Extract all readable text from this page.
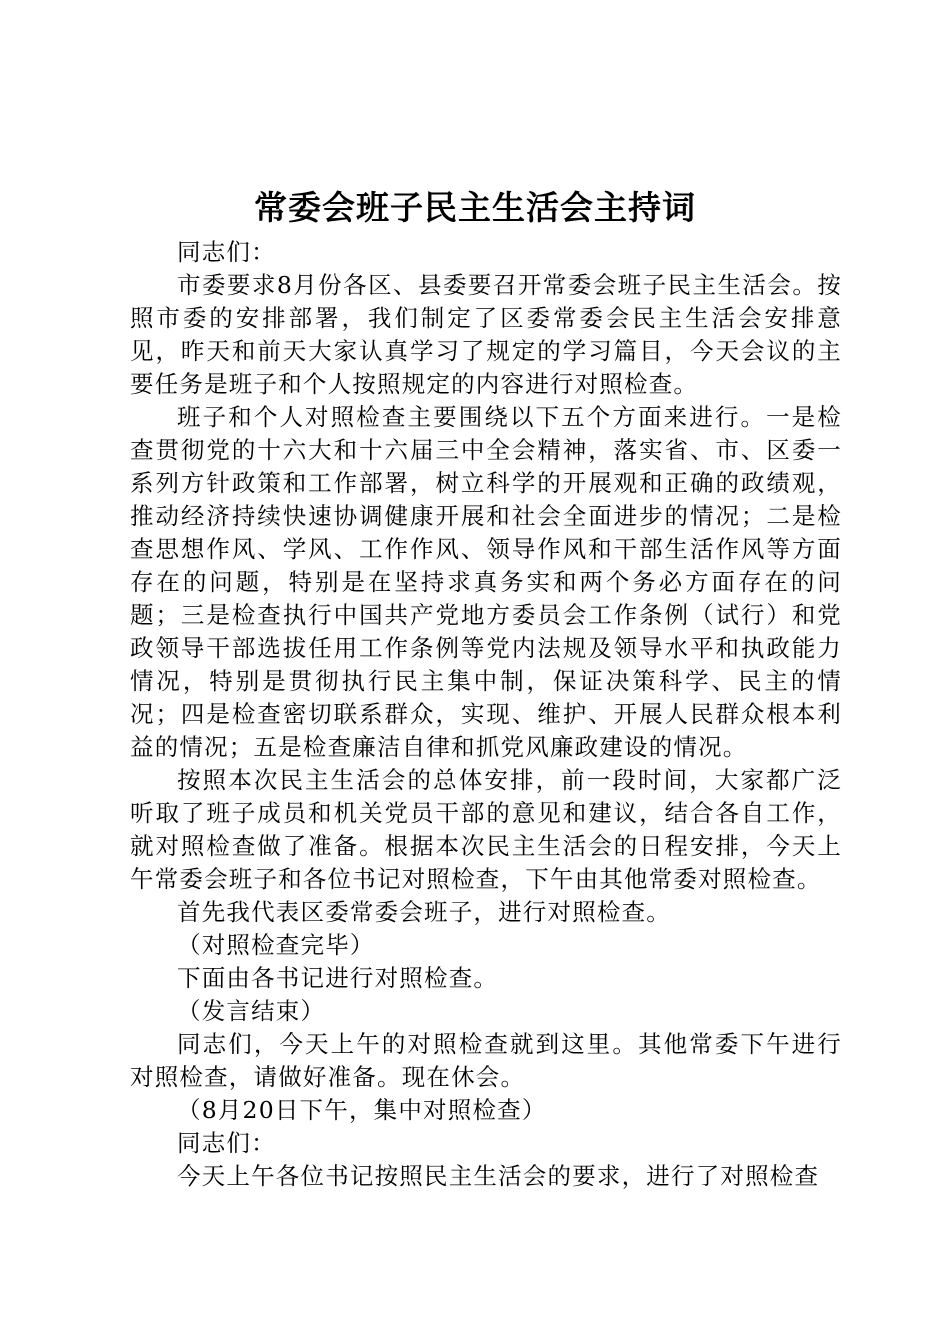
常委会班子民主生活会主持词

同志们：

市委要求8月份各区、县委要召开常委会班子民主生活会。按照市委的安排部署，我们制定了区委常委会民主生活会安排意见，昨天和前天大家认真学习了规定的学习篇目，今天会议的主要任务是班子和个人按照规定的内容进行对照检查。

班子和个人对照检查主要围绕以下五个方面来进行。一是检查贯彻党的十六大和十六届三中全会精神，落实省、市、区委一系列方针政策和工作部署，树立科学的开展观和正确的政绩观，推动经济持续快速协调健康开展和社会全面进步的情况；二是检查思想作风、学风、工作作风、领导作风和干部生活作风等方面存在的问题，特别是在坚持求真务实和两个务必方面存在的问题；三是检查执行中国共产党地方委员会工作条例（试行）和党政领导干部选拔任用工作条例等党内法规及领导水平和执政能力情况，特别是贯彻执行民主集中制，保证决策科学、民主的情况；四是检查密切联系群众，实现、维护、开展人民群众根本利益的情况；五是检查廉洁自律和抓党风廉政建设的情况。

按照本次民主生活会的总体安排，前一段时间，大家都广泛听取了班子成员和机关党员干部的意见和建议，结合各自工作，就对照检查做了准备。根据本次民主生活会的日程安排，今天上午常委会班子和各位书记对照检查，下午由其他常委对照检查。

首先我代表区委常委会班子，进行对照检查。

（对照检查完毕）

下面由各书记进行对照检查。

（发言结束）

同志们，今天上午的对照检查就到这里。其他常委下午进行对照检查，请做好准备。现在休会。

（8月20日下午，集中对照检查）

同志们：

今天上午各位书记按照民主生活会的要求，进行了对照检查
